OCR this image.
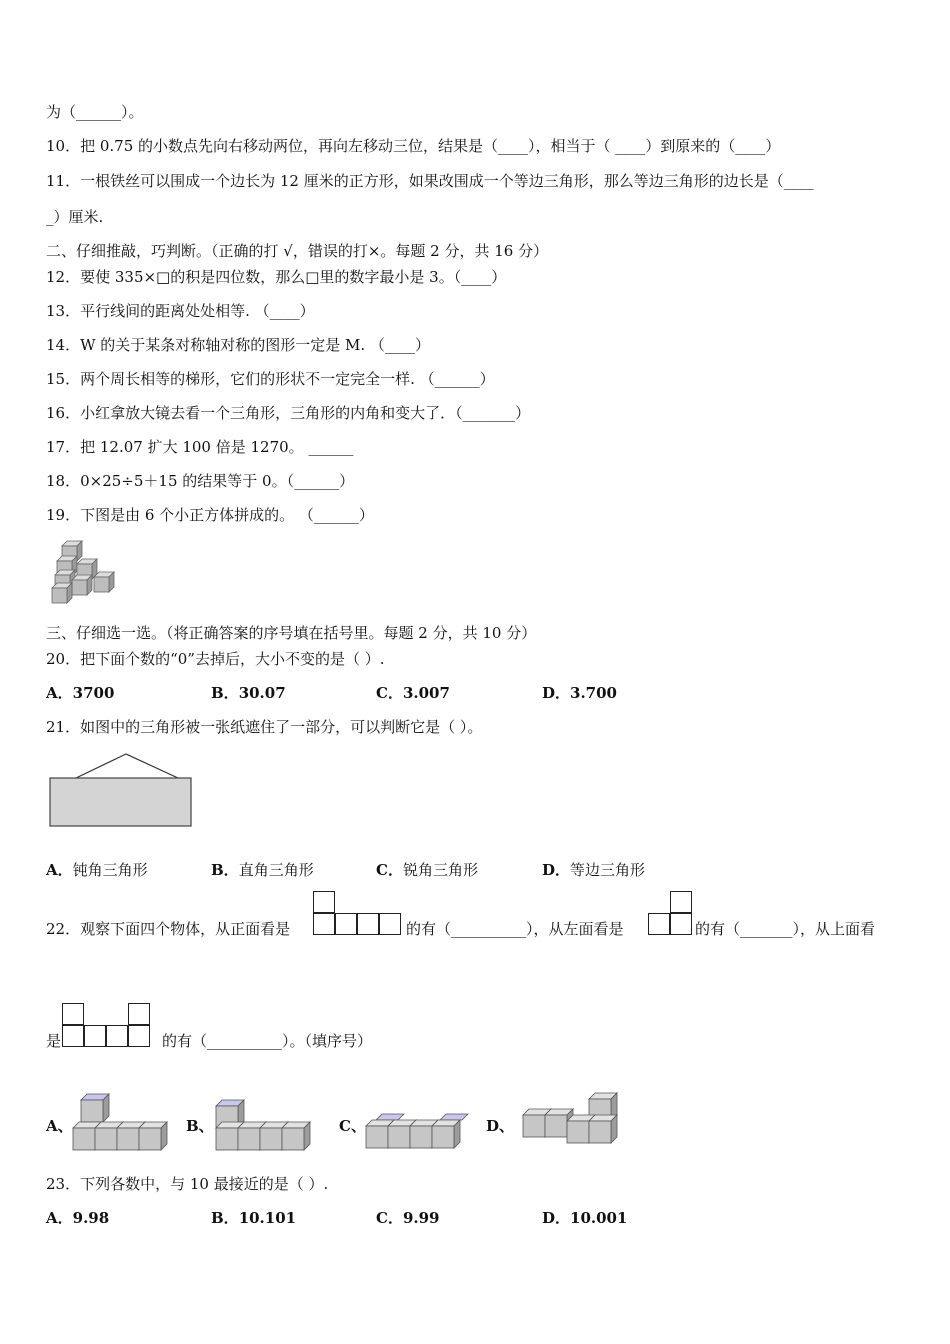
为（______）。
10．把 0.75 的小数点先向右移动两位，再向左移动三位，结果是（____），相当于（ ____）到原来的（____）
11．一根铁丝可以围成一个边长为 12 厘米的正方形，如果改围成一个等边三角形，那么等边三角形的边长是（____
_）厘米.
二、仔细推敲，巧判断。（正确的打 √，错误的打×。每题 2 分，共 16 分）
12．要使 335×□的积是四位数，那么□里的数字最小是 3。（____）
13．平行线间的距离处处相等. （____）
14．W 的关于某条对称轴对称的图形一定是 M. （____）
15．两个周长相等的梯形，它们的形状不一定完全一样. （______）
16．小红拿放大镜去看一个三角形，三角形的内角和变大了．（_______）
17．把 12.07 扩大 100 倍是 1270。 ______
18．0×25÷5＋15 的结果等于 0。（______）
19．下图是由 6 个小正方体拼成的。 （______）
三、仔细选一选。（将正确答案的序号填在括号里。每题 2 分，共 10 分）
20．把下面个数的“0”去掉后，大小不变的是（ ）.
A．3700	B．30.07	C．3.007	D．3.700
21．如图中的三角形被一张纸遮住了一部分，可以判断它是（ ）。
A．钝角三角形	B．直角三角形	C．锐角三角形	D．等边三角形
22．观察下面四个物体，从正面看是	的有（__________），从左面看是	的有（_______），从上面看
是	的有（__________）。（填序号）
A、	B、	C、	D、
23．下列各数中，与 10 最接近的是（ ）.
A．9.98	B．10.101	C．9.99	D．10.001
